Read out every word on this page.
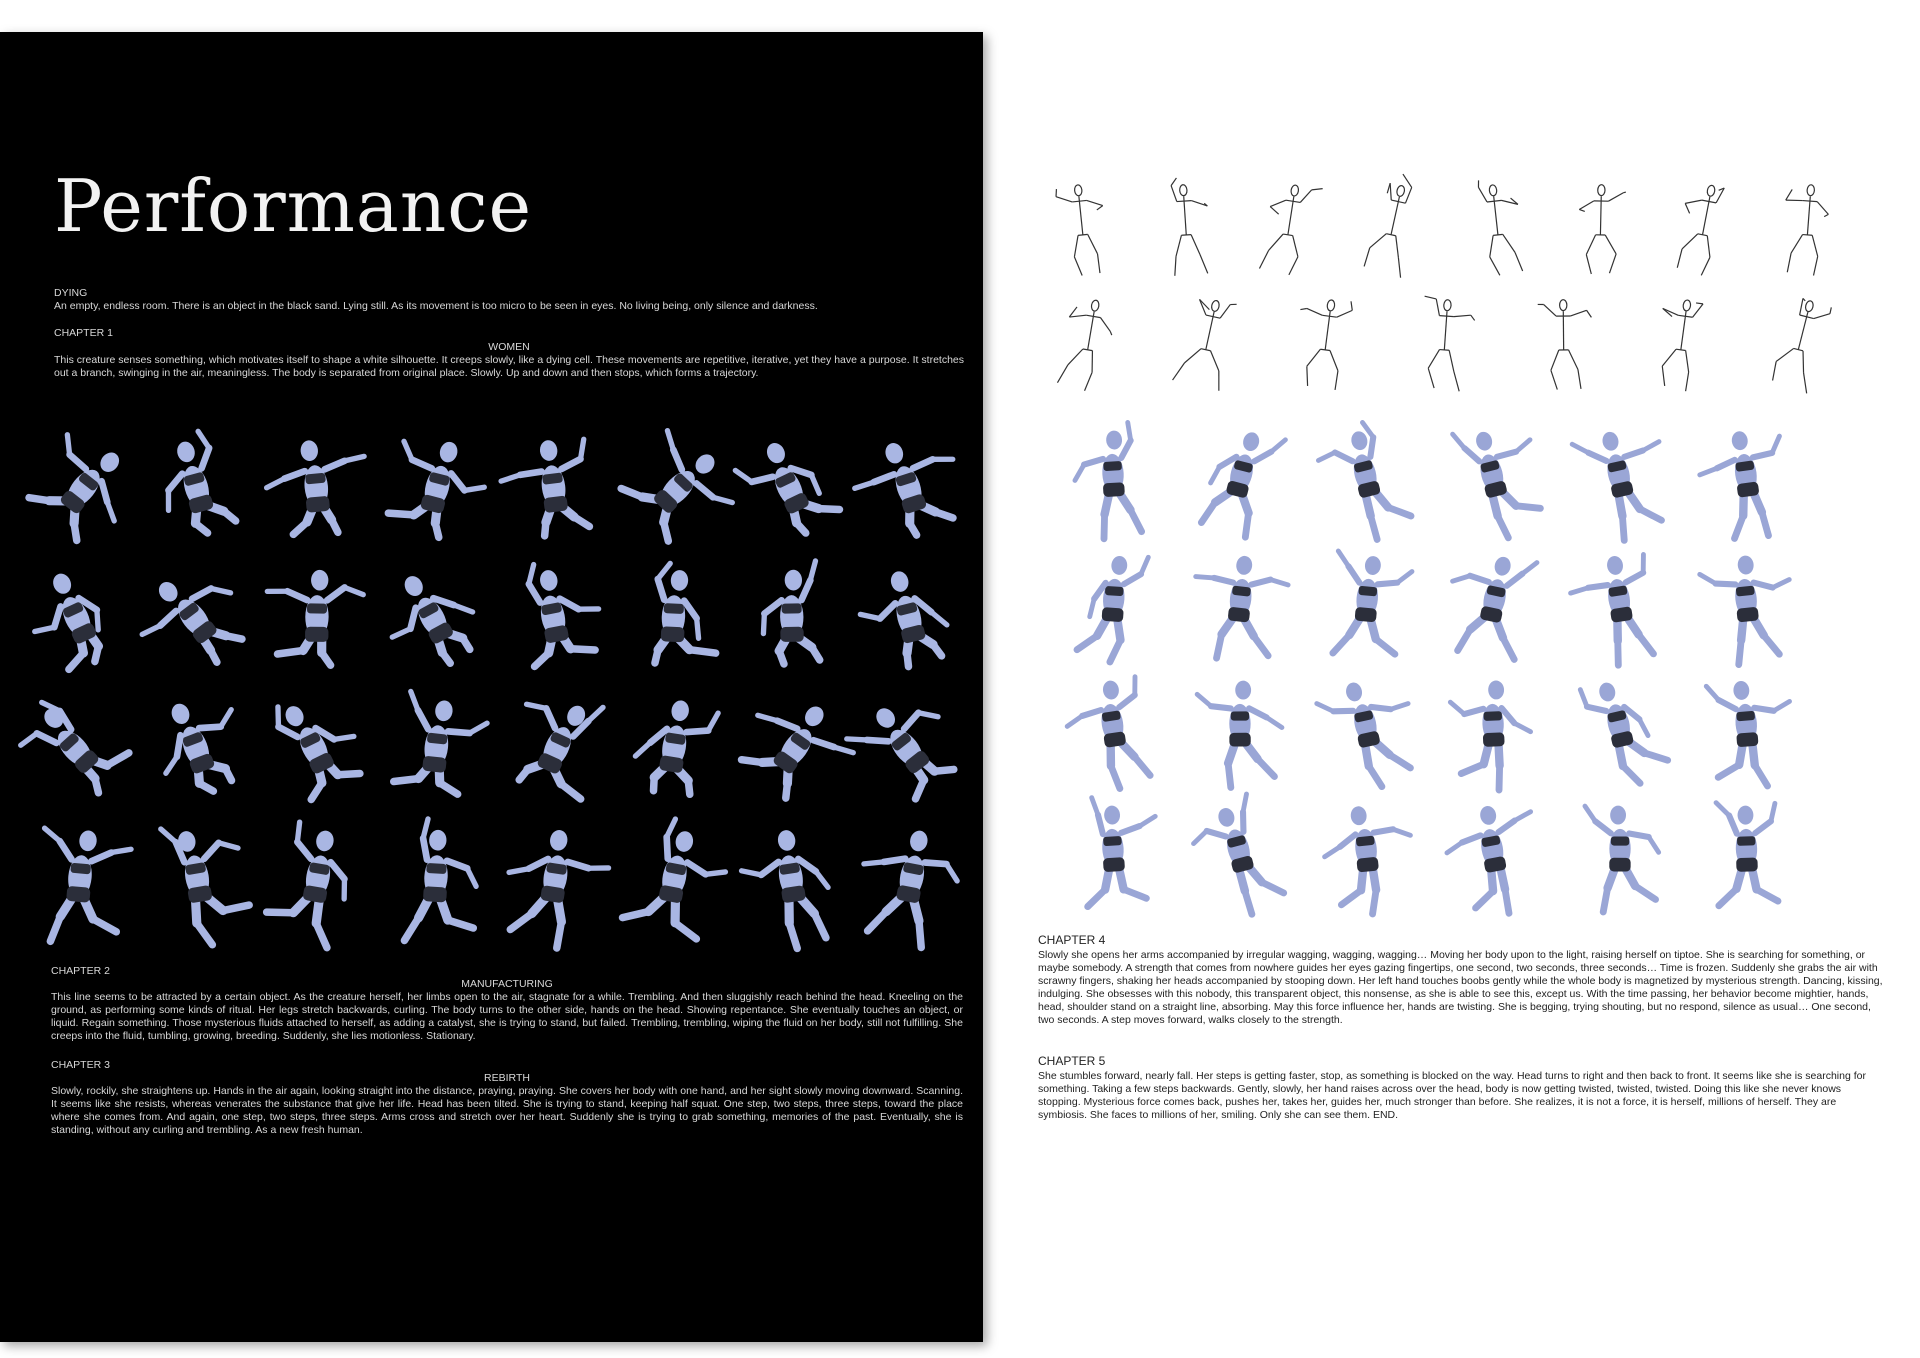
Performance
DYING
An empty, endless room. There is an object in the black sand. Lying still. As its movement is too micro to be seen in eyes. No living being, only silence and darkness.
CHAPTER 1
WOMEN
This creature senses something, which motivates itself to shape a white silhouette. It creeps slowly, like a dying cell. These movements are repetitive, iterative, yet they have a purpose. It stretches out a branch, swinging in the air, meaningless. The body is separated from original place. Slowly. Up and down and then stops, which forms a trajectory.
CHAPTER 2
MANUFACTURING
This line seems to be attracted by a certain object. As the creature herself, her limbs open to the air, stagnate for a while. Trembling. And then sluggishly reach behind the head. Kneeling on the ground, as performing some kinds of ritual. Her legs stretch backwards, curling. The body turns to the other side, hands on the head. Showing repentance. She eventually touches an object, or liquid. Regain something. Those mysterious fluids attached to herself, as adding a catalyst, she is trying to stand, but failed. Trembling, trembling, wiping the fluid on her body, still not fulfilling. She creeps into the fluid, tumbling, growing, breeding. Suddenly, she lies motionless. Stationary.
CHAPTER 3
REBIRTH
Slowly, rockily, she straightens up. Hands in the air again, looking straight into the distance, praying, praying. She covers her body with one hand, and her sight slowly moving downward. Scanning. It seems like she resists, whereas venerates the substance that give her life. Head has been tilted. She is trying to stand, keeping half squat. One step, two steps, three steps, toward the place where she comes from. And again, one step, two steps, three steps. Arms cross and stretch over her heart. Suddenly she is trying to grab something, memories of the past. Eventually, she is standing, without any curling and trembling. As a new fresh human.
CHAPTER 4
Slowly she opens her arms accompanied by irregular wagging, wagging, wagging… Moving her body upon to the light, raising herself on tiptoe. She is searching for something, or maybe somebody. A strength that comes from nowhere guides her eyes gazing fingertips, one second, two seconds, three seconds… Time is frozen. Suddenly she grabs the air with scrawny fingers, shaking her heads accompanied by stooping down. Her left hand touches boobs gently while the whole body is magnetized by mysterious strength. Dancing, kissing, indulging. She obsesses with this nobody, this transparent object, this nonsense, as she is able to see this, except us. With the time passing, her behavior become mightier, hands, head, shoulder stand on a straight line, absorbing. May this force influence her, hands are twisting. She is begging, trying shouting, but no respond, silence as usual… One second, two seconds. A step moves forward, walks closely to the strength.
CHAPTER 5
She stumbles forward, nearly fall. Her steps is getting faster, stop, as something is blocked on the way. Head turns to right and then back to front. It seems like she is searching for something. Taking a few steps backwards. Gently, slowly, her hand raises across over the head, body is now getting twisted, twisted, twisted. Doing this like she never knows stopping. Mysterious force comes back, pushes her, takes her, guides her, much stronger than before. She realizes, it is not a force, it is herself, millions of herself. They are symbiosis. She faces to millions of her, smiling. Only she can see them. END.
